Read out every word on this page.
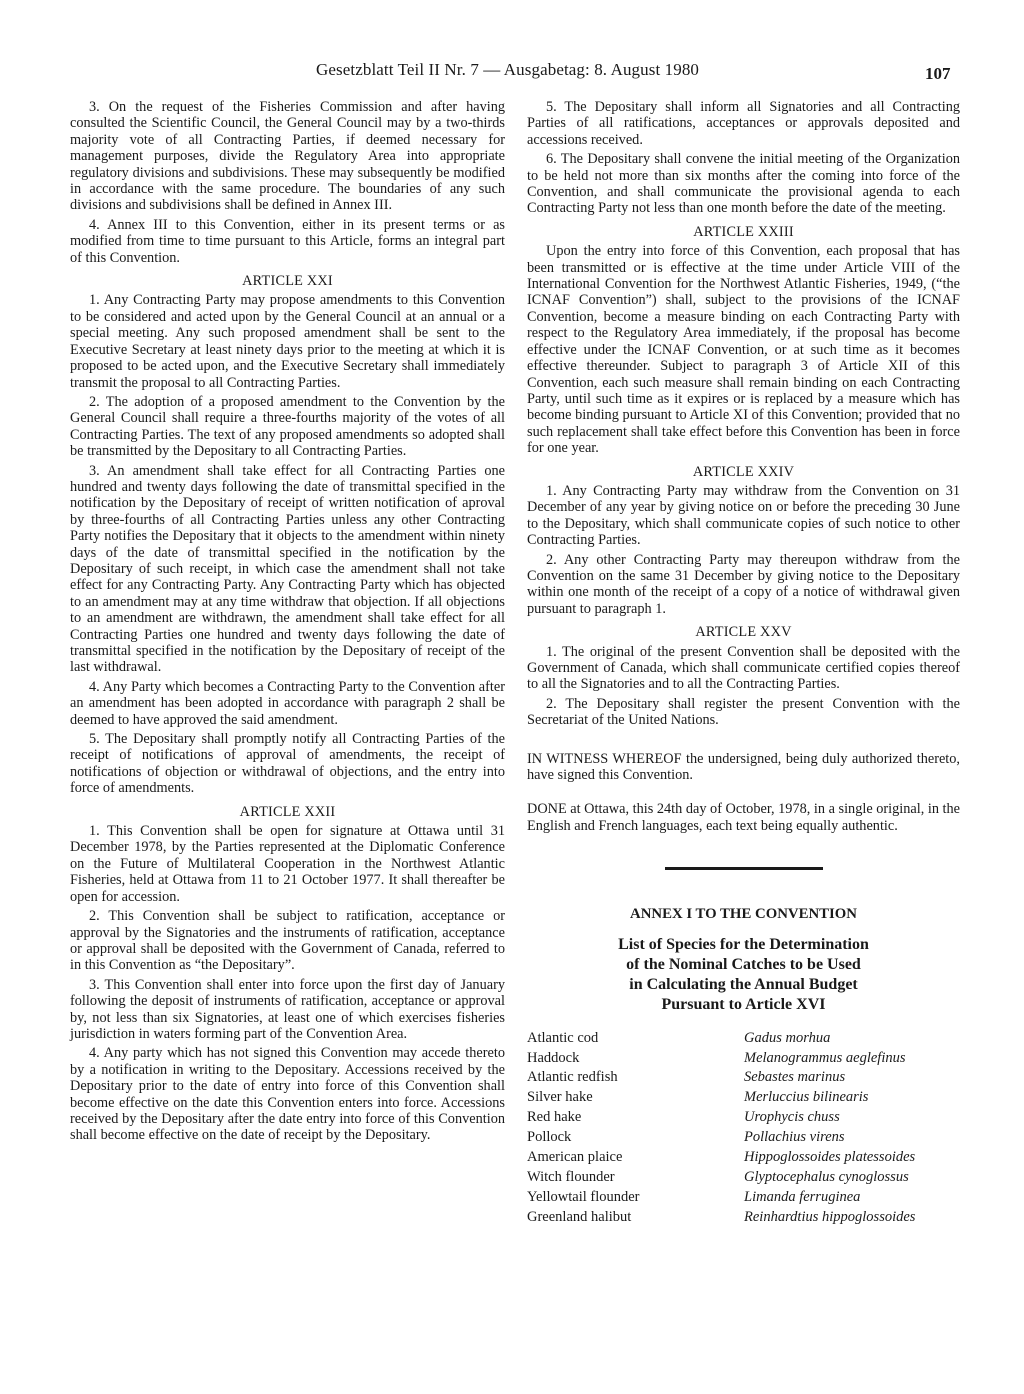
Gesetzblatt Teil II Nr. 7 — Ausgabetag: 8. August 1980	107

3. On the request of the Fisheries Commission and after having consulted the Scientific Council, the General Council may by a two-thirds majority vote of all Contracting Parties, if deemed necessary for management purposes, divide the Regulatory Area into appropriate regulatory divisions and subdivisions. These may subsequently be modified in accordance with the same procedure. The boundaries of any such divisions and subdivisions shall be defined in Annex III.

4. Annex III to this Convention, either in its present terms or as modified from time to time pursuant to this Article, forms an integral part of this Convention.

ARTICLE XXI

1. Any Contracting Party may propose amendments to this Convention to be considered and acted upon by the General Council at an annual or a special meeting. Any such proposed amendment shall be sent to the Executive Secretary at least ninety days prior to the meeting at which it is proposed to be acted upon, and the Executive Secretary shall immediately transmit the proposal to all Contracting Parties.

2. The adoption of a proposed amendment to the Convention by the General Council shall require a three-fourths majority of the votes of all Contracting Parties. The text of any proposed amendments so adopted shall be transmitted by the Depositary to all Contracting Parties.

3. An amendment shall take effect for all Contracting Parties one hundred and twenty days following the date of transmittal specified in the notification by the Depositary of receipt of written notification of aproval by three-fourths of all Contracting Parties unless any other Contracting Party notifies the Depositary that it objects to the amendment within ninety days of the date of transmittal specified in the notification by the Depositary of such receipt, in which case the amendment shall not take effect for any Contracting Party. Any Contracting Party which has objected to an amendment may at any time withdraw that objection. If all objections to an amendment are withdrawn, the amendment shall take effect for all Contracting Parties one hundred and twenty days following the date of transmittal specified in the notification by the Depositary of receipt of the last withdrawal.

4. Any Party which becomes a Contracting Party to the Convention after an amendment has been adopted in accordance with paragraph 2 shall be deemed to have approved the said amendment.

5. The Depositary shall promptly notify all Contracting Parties of the receipt of notifications of approval of amendments, the receipt of notifications of objection or withdrawal of objections, and the entry into force of amendments.

ARTICLE XXII

1. This Convention shall be open for signature at Ottawa until 31 December 1978, by the Parties represented at the Diplomatic Conference on the Future of Multilateral Cooperation in the Northwest Atlantic Fisheries, held at Ottawa from 11 to 21 October 1977. It shall thereafter be open for accession.

2. This Convention shall be subject to ratification, acceptance or approval by the Signatories and the instruments of ratification, acceptance or approval shall be deposited with the Government of Canada, referred to in this Convention as “the Depositary”.

3. This Convention shall enter into force upon the first day of January following the deposit of instruments of ratification, acceptance or approval by, not less than six Signatories, at least one of which exercises fisheries jurisdiction in waters forming part of the Convention Area.

4. Any party which has not signed this Convention may accede thereto by a notification in writing to the Depositary. Accessions received by the Depositary prior to the date of entry into force of this Convention shall become effective on the date this Convention enters into force. Accessions received by the Depositary after the date entry into force of this Convention shall become effective on the date of receipt by the Depositary.

5. The Depositary shall inform all Signatories and all Contracting Parties of all ratifications, acceptances or approvals deposited and accessions received.

6. The Depositary shall convene the initial meeting of the Organization to be held not more than six months after the coming into force of the Convention, and shall communicate the provisional agenda to each Contracting Party not less than one month before the date of the meeting.

ARTICLE XXIII

Upon the entry into force of this Convention, each proposal that has been transmitted or is effective at the time under Article VIII of the International Convention for the Northwest Atlantic Fisheries, 1949, (“the ICNAF Convention”) shall, subject to the provisions of the ICNAF Convention, become a measure binding on each Contracting Party with respect to the Regulatory Area immediately, if the proposal has become effective under the ICNAF Convention, or at such time as it becomes effective thereunder. Subject to paragraph 3 of Article XII of this Convention, each such measure shall remain binding on each Contracting Party, until such time as it expires or is replaced by a measure which has become binding pursuant to Article XI of this Convention; provided that no such replacement shall take effect before this Convention has been in force for one year.

ARTICLE XXIV

1. Any Contracting Party may withdraw from the Convention on 31 December of any year by giving notice on or before the preceding 30 June to the Depositary, which shall communicate copies of such notice to other Contracting Parties.

2. Any other Contracting Party may thereupon withdraw from the Convention on the same 31 December by giving notice to the Depositary within one month of the receipt of a copy of a notice of withdrawal given pursuant to paragraph 1.

ARTICLE XXV

1. The original of the present Convention shall be deposited with the Government of Canada, which shall communicate certified copies thereof to all the Signatories and to all the Contracting Parties.

2. The Depositary shall register the present Convention with the Secretariat of the United Nations.

IN WITNESS WHEREOF the undersigned, being duly authorized thereto, have signed this Convention.

DONE at Ottawa, this 24th day of October, 1978, in a single original, in the English and French languages, each text being equally authentic.

ANNEX I TO THE CONVENTION
List of Species for the Determination
of the Nominal Catches to be Used
in Calculating the Annual Budget
Pursuant to Article XVI
Atlantic cod	Gadus morhua
Haddock	Melanogrammus aeglefinus
Atlantic redfish	Sebastes marinus
Silver hake	Merluccius bilinearis
Red hake	Urophycis chuss
Pollock	Pollachius virens
American plaice	Hippoglossoides platessoides
Witch flounder	Glyptocephalus cynoglossus
Yellowtail flounder	Limanda ferruginea
Greenland halibut	Reinhardtius hippoglossoides
